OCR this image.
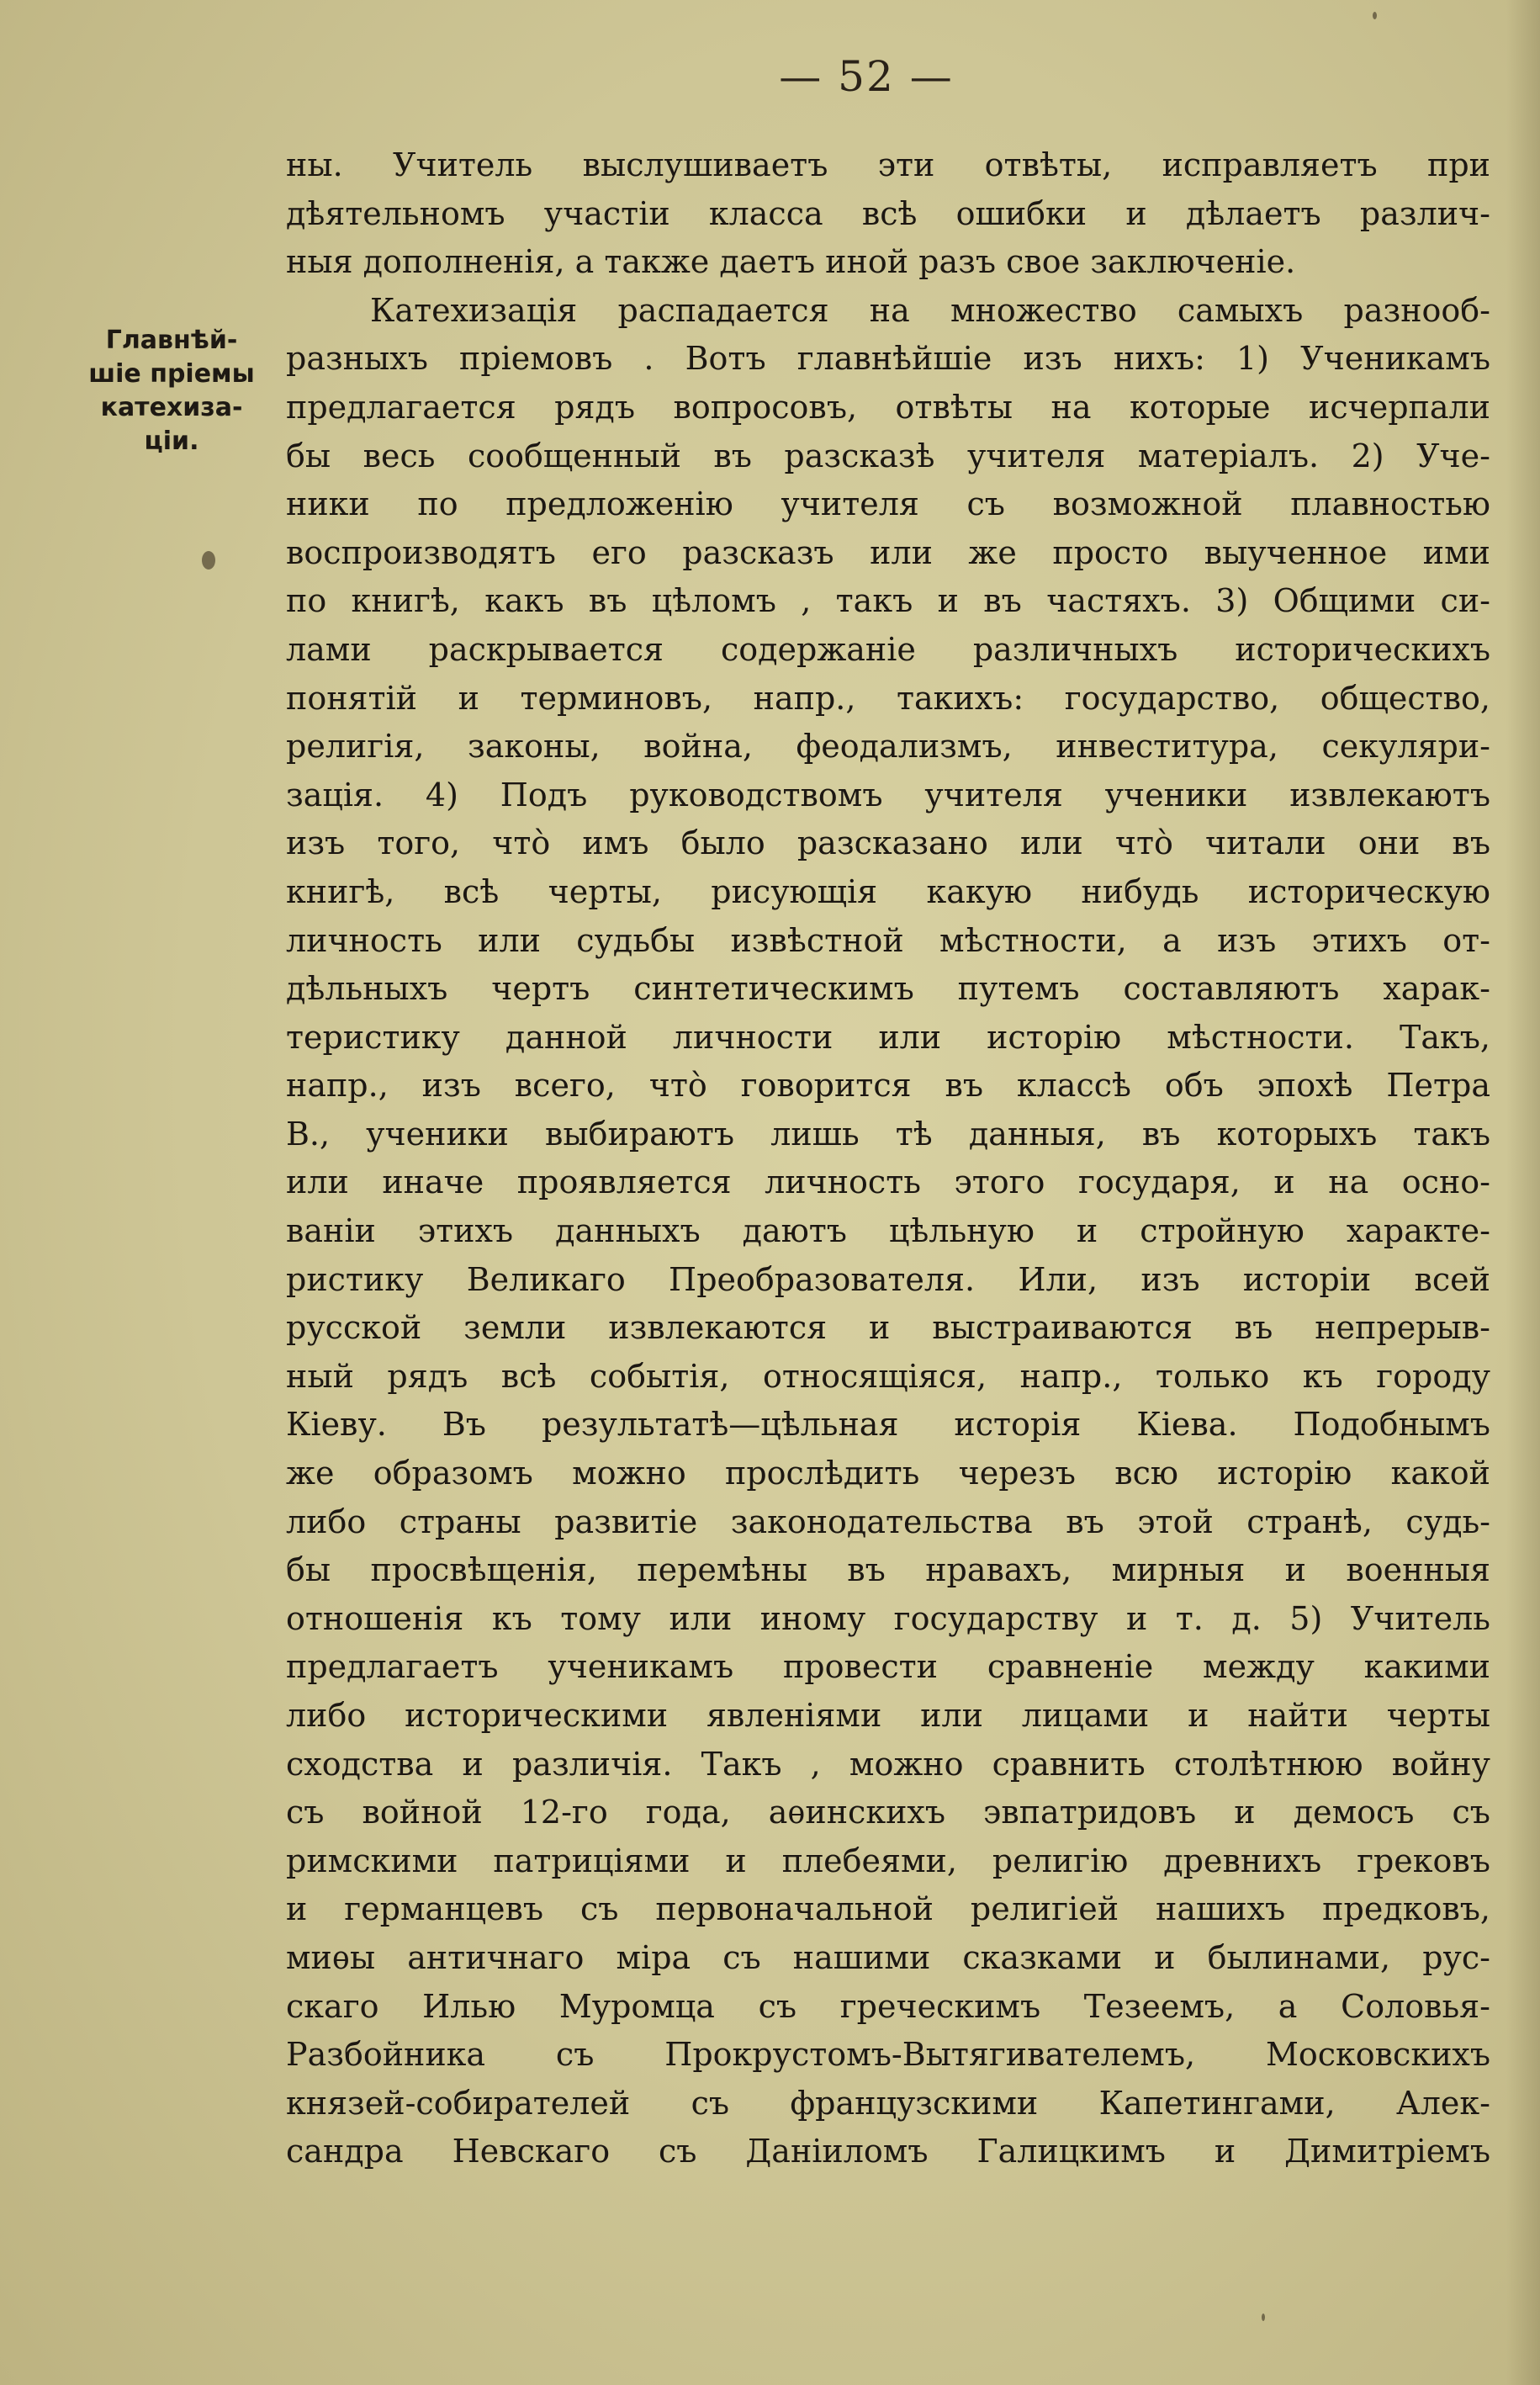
— 52 —
Главнѣй-
шіе пріемы
катехиза-
ціи.
ны. Учитель выслушиваетъ эти отвѣты, исправляетъ при
дѣятельномъ участіи класса всѣ ошибки и дѣлаетъ различ-
ныя дополненія, а также даетъ иной разъ свое заключеніе.
Катехизація распадается на множество самыхъ разнооб-
разныхъ пріемовъ . Вотъ главнѣйшіе изъ нихъ: 1) Ученикамъ
предлагается рядъ вопросовъ, отвѣты на которые исчерпали
бы весь сообщенный въ разсказѣ учителя матеріалъ. 2) Уче-
ники по предложенію учителя съ возможной плавностью
воспроизводятъ его разсказъ или же просто выученное ими
по книгѣ, какъ въ цѣломъ , такъ и въ частяхъ. 3) Общими си-
лами раскрывается содержаніе различныхъ историческихъ
понятій и терминовъ, напр., такихъ: государство, общество,
религія, законы, война, феодализмъ, инвеститура, секуляри-
зація. 4) Подъ руководствомъ учителя ученики извлекаютъ
изъ того, что̀ имъ было разсказано или что̀ читали они въ
книгѣ, всѣ черты, рисующія какую нибудь историческую
личность или судьбы извѣстной мѣстности, а изъ этихъ от-
дѣльныхъ чертъ синтетическимъ путемъ составляютъ харак-
теристику данной личности или исторію мѣстности. Такъ,
напр., изъ всего, что̀ говорится въ классѣ объ эпохѣ Петра
В., ученики выбираютъ лишь тѣ данныя, въ которыхъ такъ
или иначе проявляется личность этого государя, и на осно-
ваніи этихъ данныхъ даютъ цѣльную и стройную характе-
ристику Великаго Преобразователя. Или, изъ исторіи всей
русской земли извлекаются и выстраиваются въ непрерыв-
ный рядъ всѣ событія, относящіяся, напр., только къ городу
Кіеву. Въ результатѣ—цѣльная исторія Кіева. Подобнымъ
же образомъ можно прослѣдить черезъ всю исторію какой
либо страны развитіе законодательства въ этой странѣ, судь-
бы просвѣщенія, перемѣны въ нравахъ, мирныя и военныя
отношенія къ тому или иному государству и т. д. 5) Учитель
предлагаетъ ученикамъ провести сравненіе между какими
либо историческими явленіями или лицами и найти черты
сходства и различія. Такъ , можно сравнить столѣтнюю войну
съ войной 12-го года, аѳинскихъ эвпатридовъ и демосъ съ
римскими патриціями и плебеями, религію древнихъ грековъ
и германцевъ съ первоначальной религіей нашихъ предковъ,
миѳы античнаго міра съ нашими сказками и былинами, рус-
скаго Илью Муромца съ греческимъ Тезеемъ, а Соловья-
Разбойника съ Прокрустомъ-Вытягивателемъ, Московскихъ
князей-собирателей съ французскими Капетингами, Алек-
сандра Невскаго съ Даніиломъ Галицкимъ и Димитріемъ
